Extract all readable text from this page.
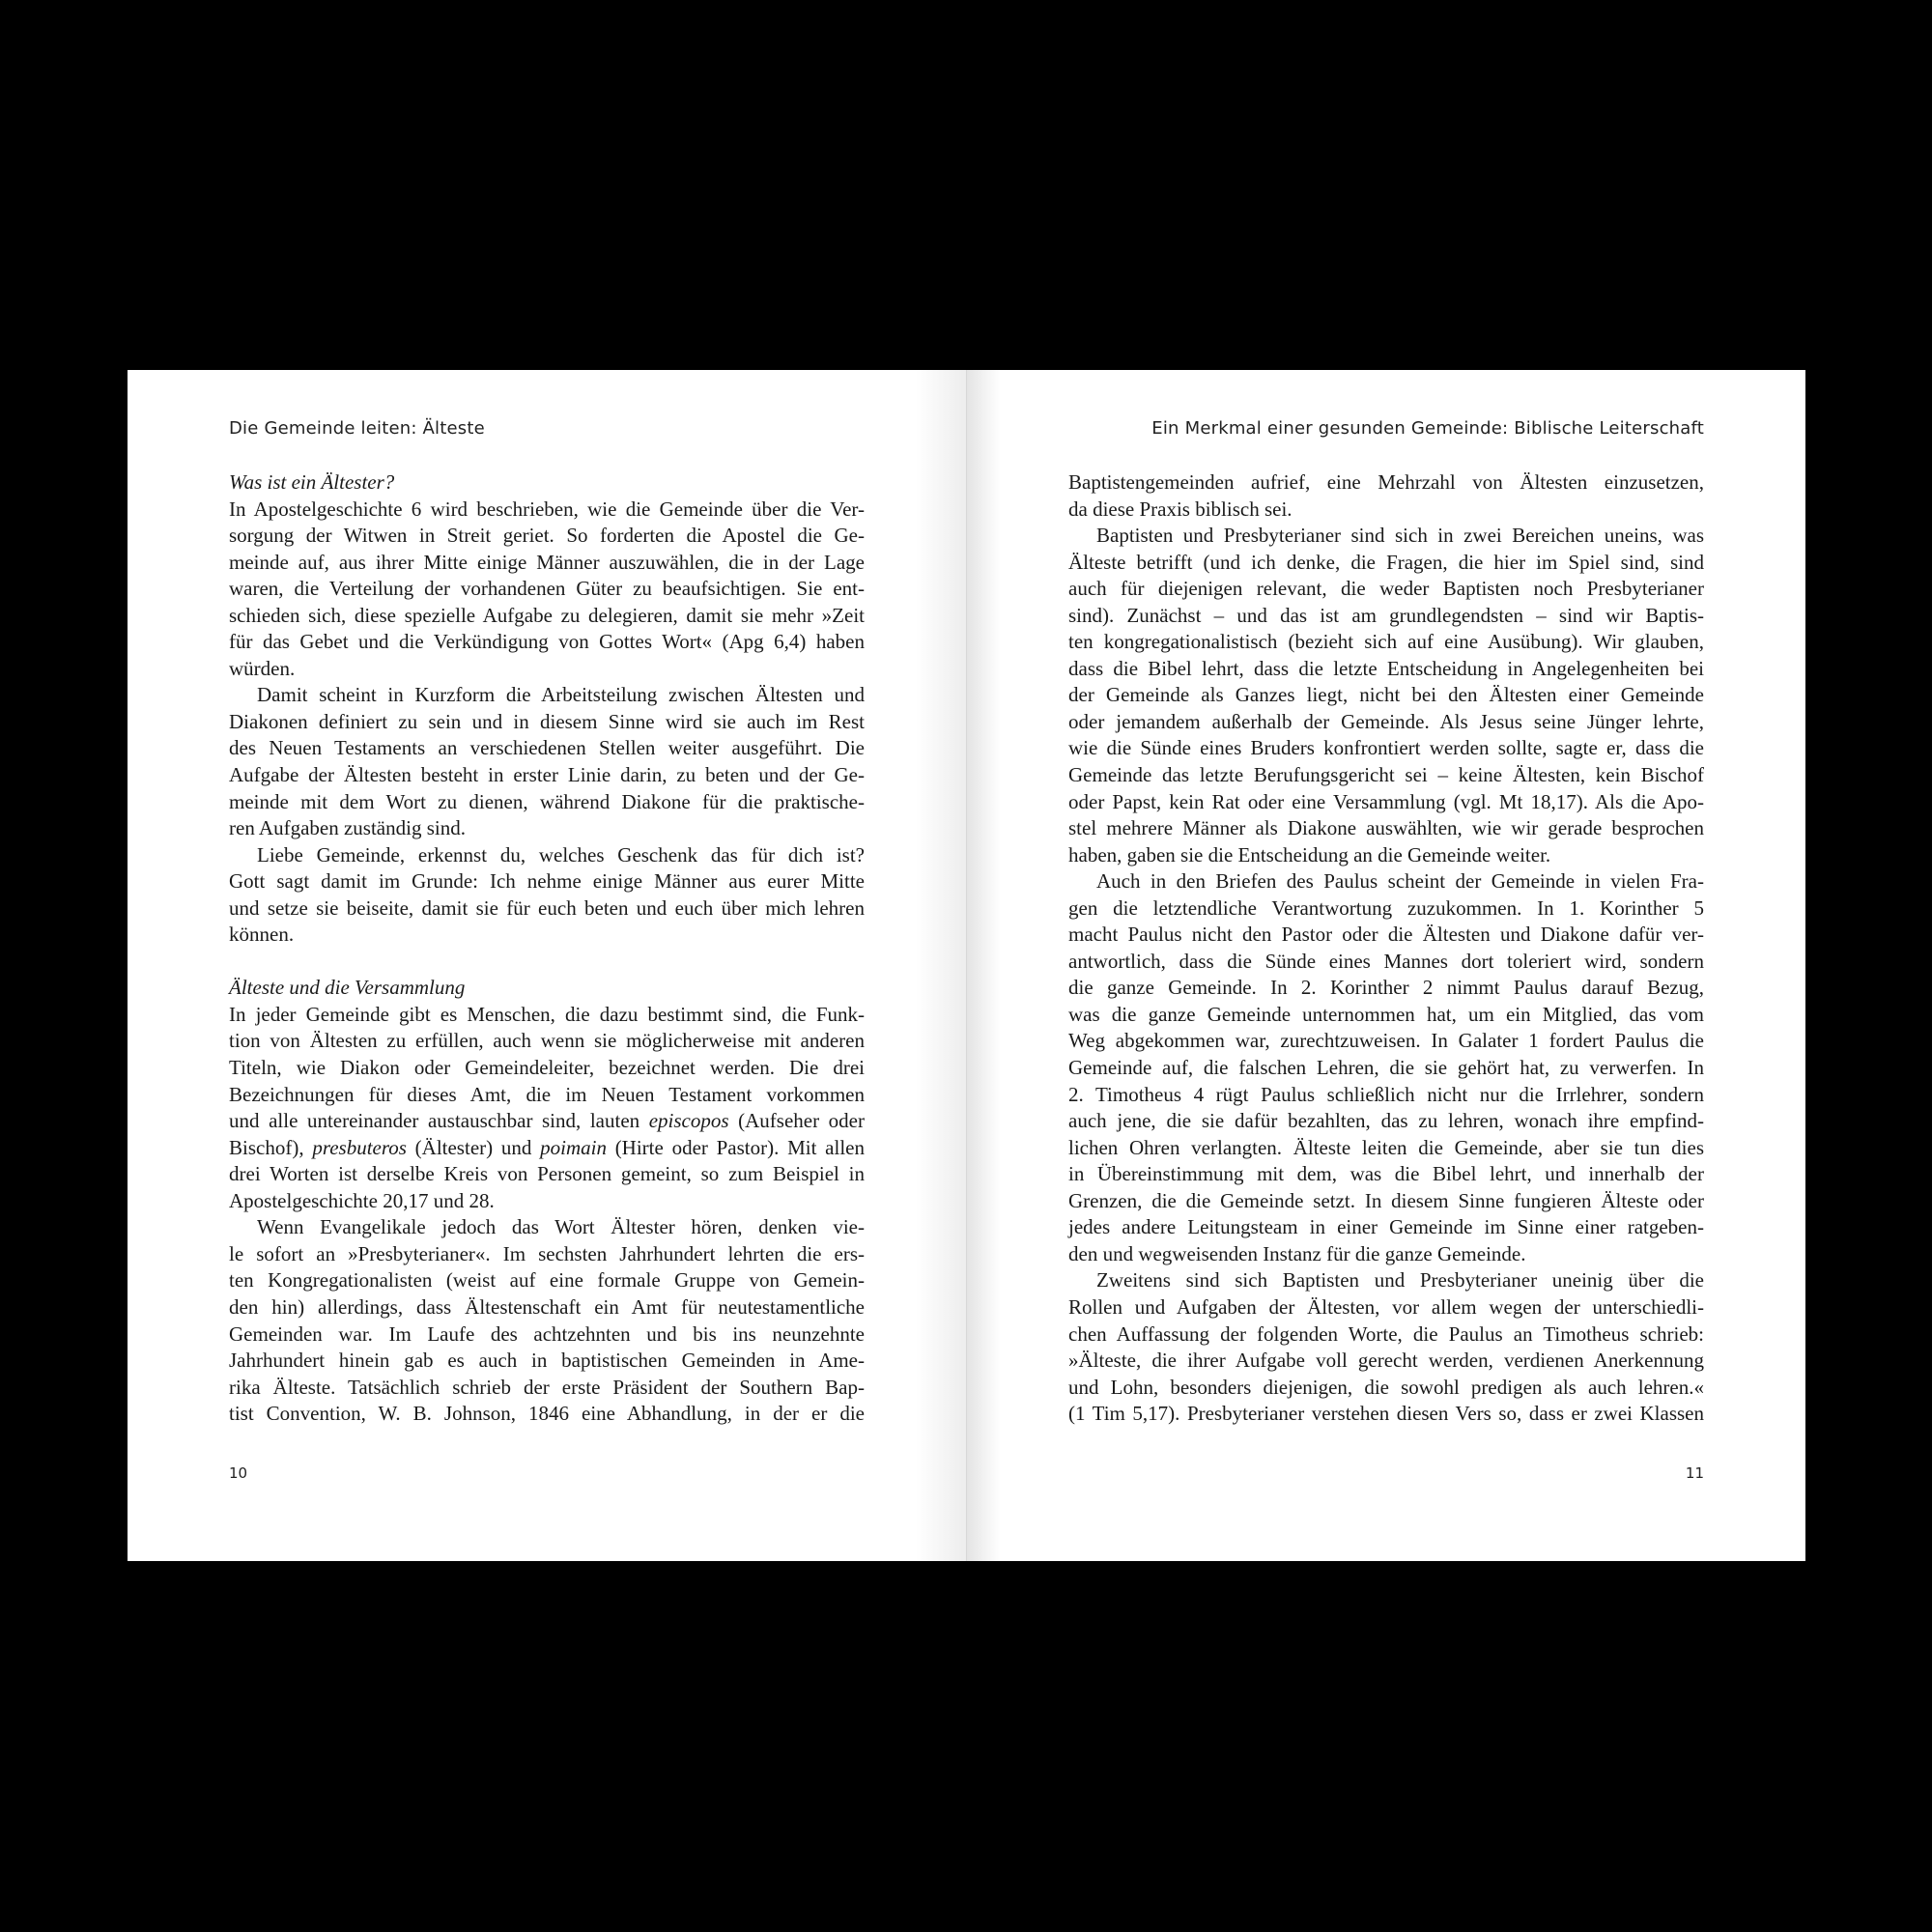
Die Gemeinde leiten: Älteste
Was ist ein Ältester?
In Apostelgeschichte 6 wird beschrieben, wie die Gemeinde über die Ver-
sorgung der Witwen in Streit geriet. So forderten die Apostel die Ge-
meinde auf, aus ihrer Mitte einige Männer auszuwählen, die in der Lage
waren, die Verteilung der vorhandenen Güter zu beaufsichtigen. Sie ent-
schieden sich, diese spezielle Aufgabe zu delegieren, damit sie mehr »Zeit
für das Gebet und die Verkündigung von Gottes Wort« (Apg 6,4) haben
würden.
Damit scheint in Kurzform die Arbeitsteilung zwischen Ältesten und
Diakonen definiert zu sein und in diesem Sinne wird sie auch im Rest
des Neuen Testaments an verschiedenen Stellen weiter ausgeführt. Die
Aufgabe der Ältesten besteht in erster Linie darin, zu beten und der Ge-
meinde mit dem Wort zu dienen, während Diakone für die praktische-
ren Aufgaben zuständig sind.
Liebe Gemeinde, erkennst du, welches Geschenk das für dich ist?
Gott sagt damit im Grunde: Ich nehme einige Männer aus eurer Mitte
und setze sie beiseite, damit sie für euch beten und euch über mich lehren
können.
Älteste und die Versammlung
In jeder Gemeinde gibt es Menschen, die dazu bestimmt sind, die Funk-
tion von Ältesten zu erfüllen, auch wenn sie möglicherweise mit anderen
Titeln, wie Diakon oder Gemeindeleiter, bezeichnet werden. Die drei
Bezeichnungen für dieses Amt, die im Neuen Testament vorkommen
und alle untereinander austauschbar sind, lauten episcopos (Aufseher oder
Bischof), presbuteros (Ältester) und poimain (Hirte oder Pastor). Mit allen
drei Worten ist derselbe Kreis von Personen gemeint, so zum Beispiel in
Apostelgeschichte 20,17 und 28.
Wenn Evangelikale jedoch das Wort Ältester hören, denken vie-
le sofort an »Presbyterianer«. Im sechsten Jahrhundert lehrten die ers-
ten Kongregationalisten (weist auf eine formale Gruppe von Gemein-
den hin) allerdings, dass Ältestenschaft ein Amt für neutestamentliche
Gemeinden war. Im Laufe des achtzehnten und bis ins neunzehnte
Jahrhundert hinein gab es auch in baptistischen Gemeinden in Ame-
rika Älteste. Tatsächlich schrieb der erste Präsident der Southern Bap-
tist Convention, W. B. Johnson, 1846 eine Abhandlung, in der er die
10
Ein Merkmal einer gesunden Gemeinde: Biblische Leiterschaft
Baptistengemeinden aufrief, eine Mehrzahl von Ältesten einzusetzen,
da diese Praxis biblisch sei.
Baptisten und Presbyterianer sind sich in zwei Bereichen uneins, was
Älteste betrifft (und ich denke, die Fragen, die hier im Spiel sind, sind
auch für diejenigen relevant, die weder Baptisten noch Presbyterianer
sind). Zunächst – und das ist am grundlegendsten – sind wir Baptis-
ten kongregationalistisch (bezieht sich auf eine Ausübung). Wir glauben,
dass die Bibel lehrt, dass die letzte Entscheidung in Angelegenheiten bei
der Gemeinde als Ganzes liegt, nicht bei den Ältesten einer Gemeinde
oder jemandem außerhalb der Gemeinde. Als Jesus seine Jünger lehrte,
wie die Sünde eines Bruders konfrontiert werden sollte, sagte er, dass die
Gemeinde das letzte Berufungsgericht sei – keine Ältesten, kein Bischof
oder Papst, kein Rat oder eine Versammlung (vgl. Mt 18,17). Als die Apo-
stel mehrere Männer als Diakone auswählten, wie wir gerade besprochen
haben, gaben sie die Entscheidung an die Gemeinde weiter.
Auch in den Briefen des Paulus scheint der Gemeinde in vielen Fra-
gen die letztendliche Verantwortung zuzukommen. In 1. Korinther 5
macht Paulus nicht den Pastor oder die Ältesten und Diakone dafür ver-
antwortlich, dass die Sünde eines Mannes dort toleriert wird, sondern
die ganze Gemeinde. In 2. Korinther 2 nimmt Paulus darauf Bezug,
was die ganze Gemeinde unternommen hat, um ein Mitglied, das vom
Weg abgekommen war, zurechtzuweisen. In Galater 1 fordert Paulus die
Gemeinde auf, die falschen Lehren, die sie gehört hat, zu verwerfen. In
2. Timotheus 4 rügt Paulus schließlich nicht nur die Irrlehrer, sondern
auch jene, die sie dafür bezahlten, das zu lehren, wonach ihre empfind-
lichen Ohren verlangten. Älteste leiten die Gemeinde, aber sie tun dies
in Übereinstimmung mit dem, was die Bibel lehrt, und innerhalb der
Grenzen, die die Gemeinde setzt. In diesem Sinne fungieren Älteste oder
jedes andere Leitungsteam in einer Gemeinde im Sinne einer ratgeben-
den und wegweisenden Instanz für die ganze Gemeinde.
Zweitens sind sich Baptisten und Presbyterianer uneinig über die
Rollen und Aufgaben der Ältesten, vor allem wegen der unterschiedli-
chen Auffassung der folgenden Worte, die Paulus an Timotheus schrieb:
»Älteste, die ihrer Aufgabe voll gerecht werden, verdienen Anerkennung
und Lohn, besonders diejenigen, die sowohl predigen als auch lehren.«
(1 Tim 5,17). Presbyterianer verstehen diesen Vers so, dass er zwei Klassen
11
